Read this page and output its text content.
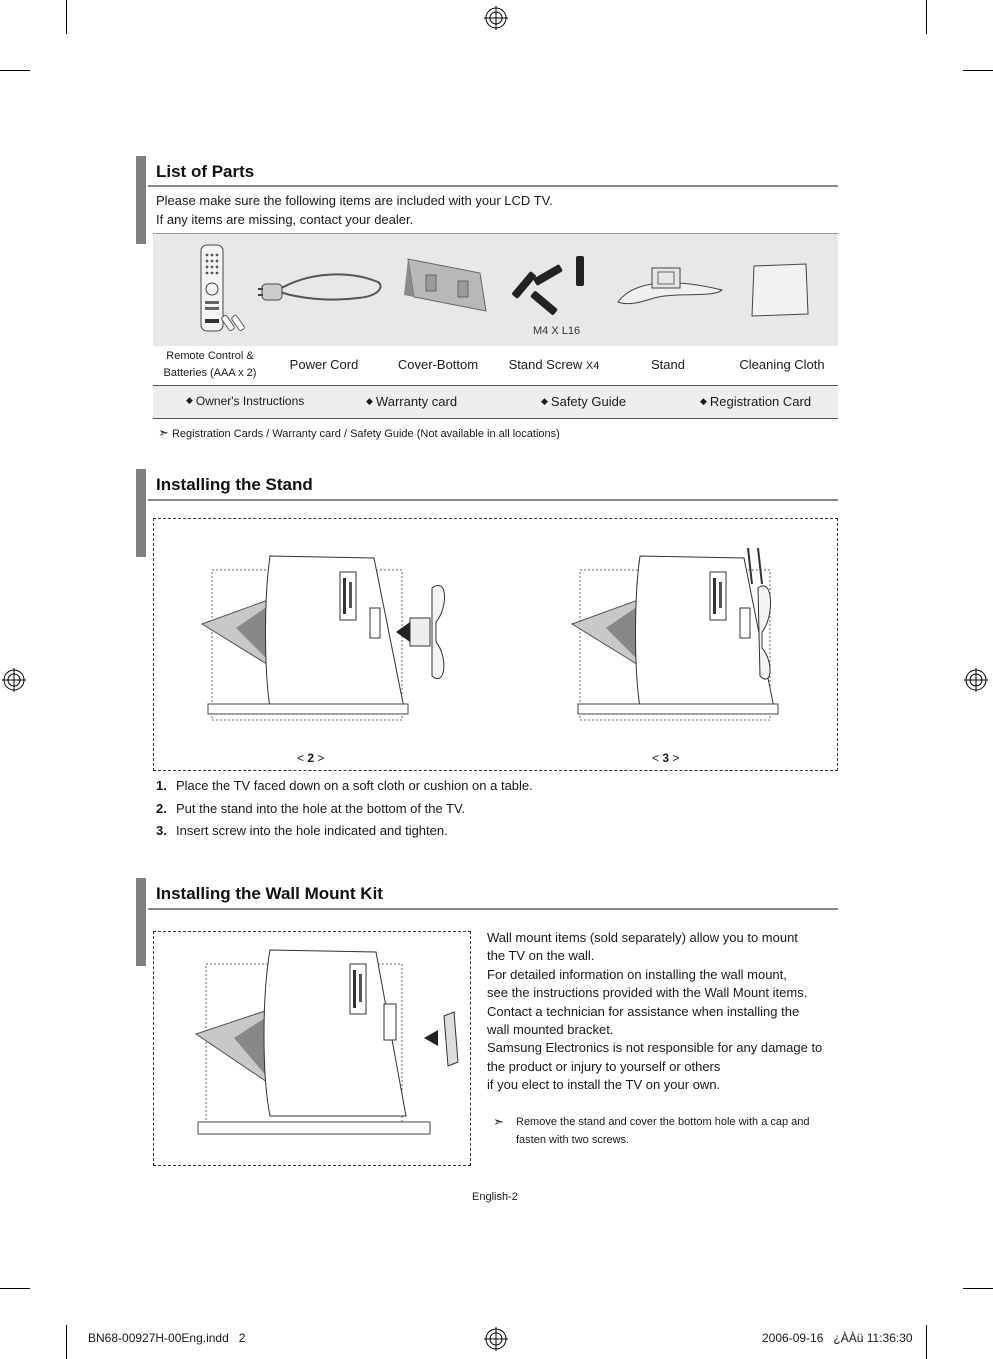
List of Parts
Please make sure the following items are included with your LCD TV.
If any items are missing, contact your dealer.
M4 X L16
Remote Control &
Batteries (AAA x 2)
Power Cord	Cover-Bottom	Stand Screw X4	Stand	Cleaning Cloth
◆ Owner's Instructions	◆ Warranty card	◆ Safety Guide	◆ Registration Card
➣ Registration Cards / Warranty card / Safety Guide (Not available in all locations)
Installing the Stand
< 2 >	< 3 >
1. Place the TV faced down on a soft cloth or cushion on a table.
2. Put the stand into the hole at the bottom of the TV.
3. Insert screw into the hole indicated and tighten.
Installing the Wall Mount Kit
Wall mount items (sold separately) allow you to mount
the TV on the wall.
For detailed information on installing the wall mount,
see the instructions provided with the Wall Mount items.
Contact a technician for assistance when installing the
wall mounted bracket.
Samsung Electronics is not responsible for any damage to
the product or injury to yourself or others
if you elect to install the TV on your own.
➣ Remove the stand and cover the bottom hole with a cap and
fasten with two screws.
English-2
BN68-00927H-00Eng.indd   2	2006-09-16   ¿ÀÀü 11:36:30
